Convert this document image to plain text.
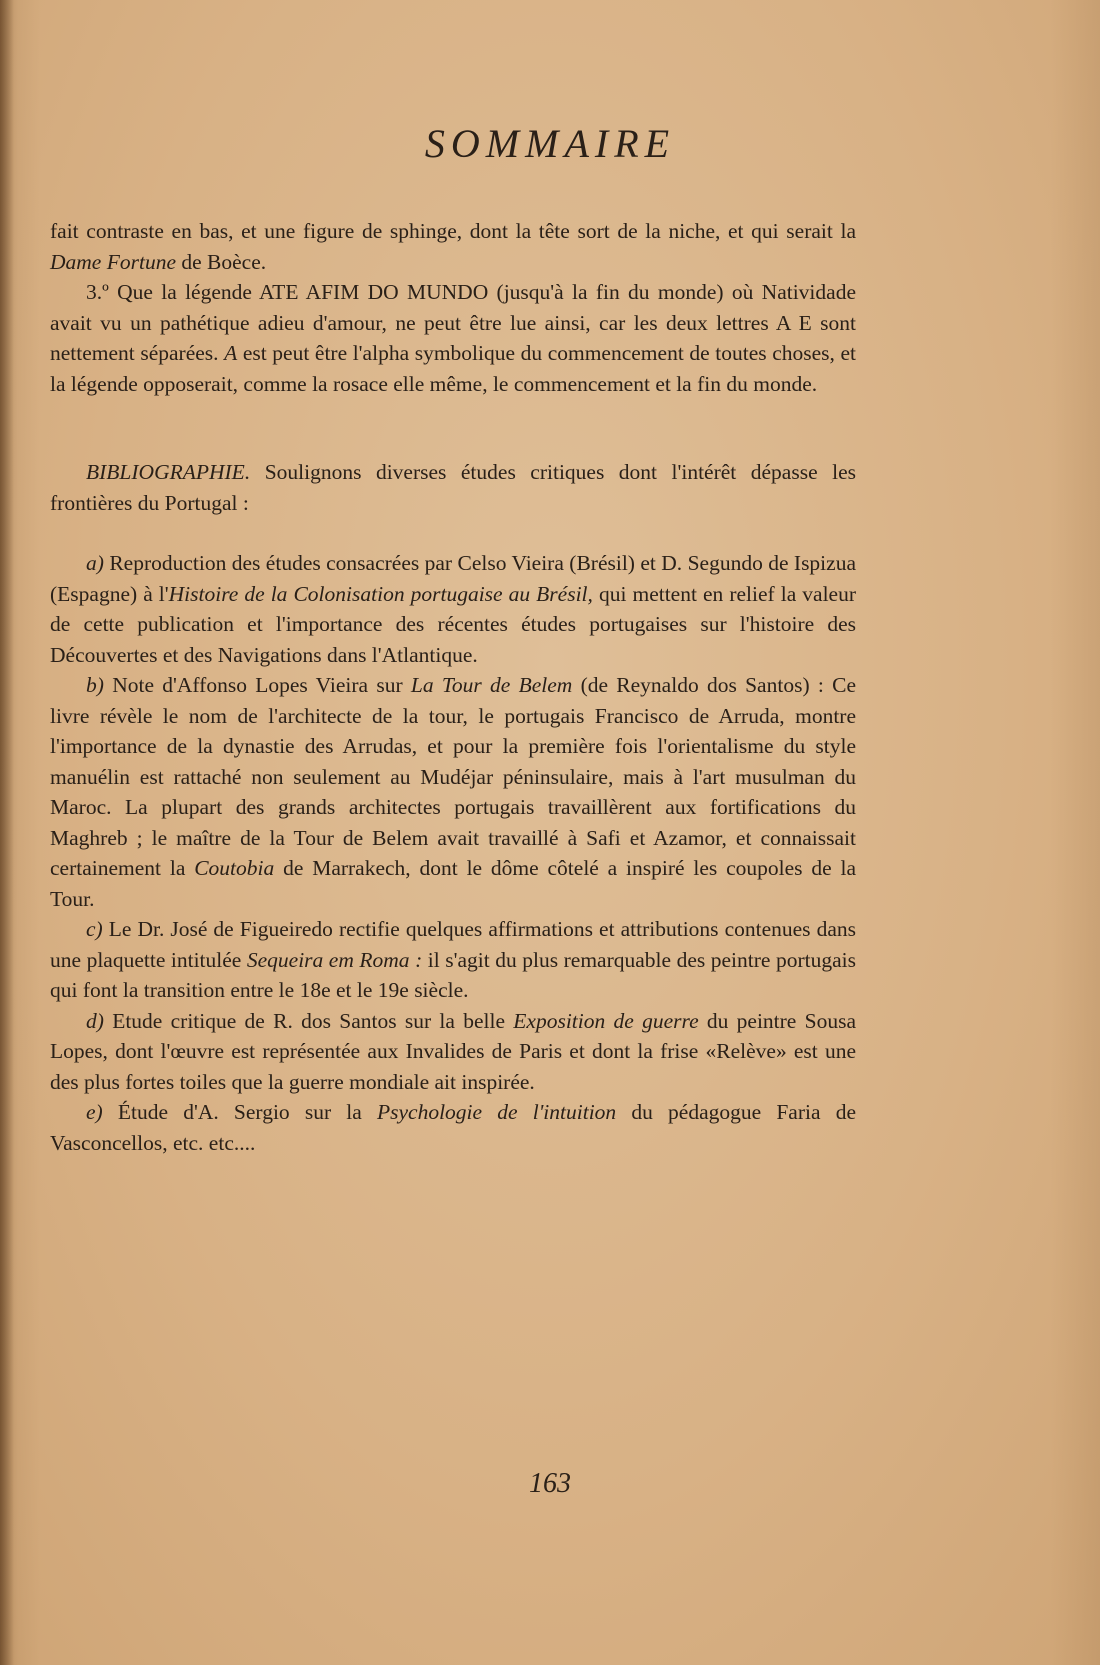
SOMMAIRE

fait contraste en bas, et une figure de sphinge, dont la tête sort de la niche, et qui serait la Dame Fortune de Boèce.

3.º Que la légende ATE AFIM DO MUNDO (jusqu'à la fin du monde) où Natividade avait vu un pathétique adieu d'amour, ne peut être lue ainsi, car les deux lettres A E sont nettement séparées. A est peut être l'alpha symbolique du commencement de toutes choses, et la légende opposerait, comme la rosace elle même, le commencement et la fin du monde.

BIBLIOGRAPHIE. Soulignons diverses études critiques dont l'intérêt dépasse les frontières du Portugal :

a) Reproduction des études consacrées par Celso Vieira (Brésil) et D. Segundo de Ispizua (Espagne) à l'Histoire de la Colonisation portugaise au Brésil, qui mettent en relief la valeur de cette publication et l'importance des récentes études portugaises sur l'histoire des Découvertes et des Navigations dans l'Atlantique.

b) Note d'Affonso Lopes Vieira sur La Tour de Belem (de Reynaldo dos Santos) : Ce livre révèle le nom de l'architecte de la tour, le portugais Francisco de Arruda, montre l'importance de la dynastie des Arrudas, et pour la première fois l'orientalisme du style manuélin est rattaché non seulement au Mudéjar péninsulaire, mais à l'art musulman du Maroc. La plupart des grands architectes portugais travaillèrent aux fortifications du Maghreb ; le maître de la Tour de Belem avait travaillé à Safi et Azamor, et connaissait certainement la Coutobia de Marrakech, dont le dôme côtelé a inspiré les coupoles de la Tour.

c) Le Dr. José de Figueiredo rectifie quelques affirmations et attributions contenues dans une plaquette intitulée Sequeira em Roma : il s'agit du plus remarquable des peintre portugais qui font la transition entre le 18e et le 19e siècle.

d) Etude critique de R. dos Santos sur la belle Exposition de guerre du peintre Sousa Lopes, dont l'œuvre est représentée aux Invalides de Paris et dont la frise «Relève» est une des plus fortes toiles que la guerre mondiale ait inspirée.

e) Étude d'A. Sergio sur la Psychologie de l'intuition du pédagogue Faria de Vasconcellos, etc. etc....

163
